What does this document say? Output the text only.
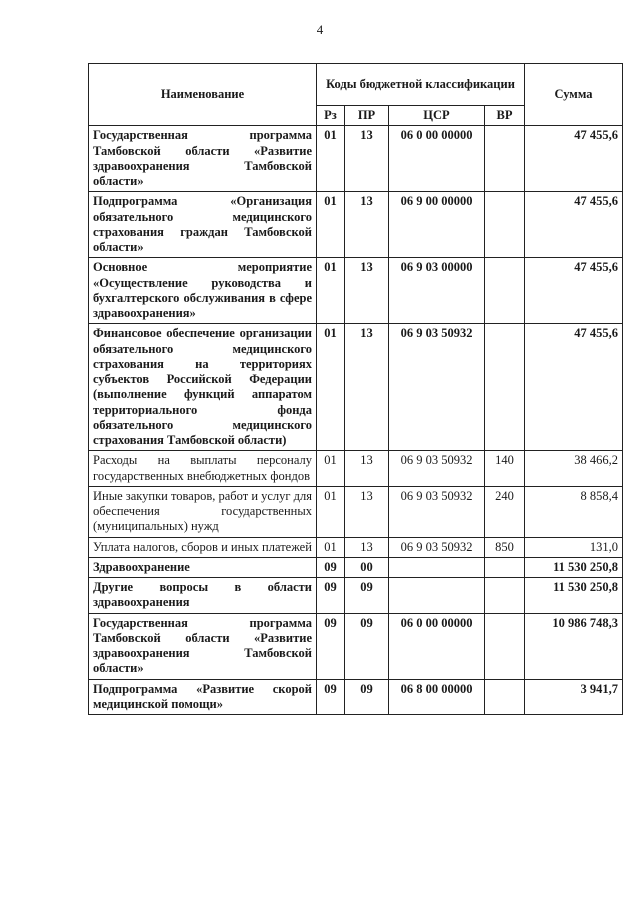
4
Наименование	Коды бюджетной классификации				Сумма
	Рз	ПР	ЦСР	ВР	
Государственная программа Тамбовской области «Развитие здравоохранения Тамбовской области»	01	13	06 0 00 00000		47 455,6
Подпрограмма «Организация обязательного медицинского страхования граждан Тамбовской области»	01	13	06 9 00 00000		47 455,6
Основное мероприятие «Осуществление руководства и бухгалтерского обслуживания в сфере здравоохранения»	01	13	06 9 03 00000		47 455,6
Финансовое обеспечение организации обязательного медицинского страхования на территориях субъектов Российской Федерации (выполнение функций аппаратом территориального фонда обязательного медицинского страхования Тамбовской области)	01	13	06 9 03 50932		47 455,6
Расходы на выплаты персоналу государственных внебюджетных фондов	01	13	06 9 03 50932	140	38 466,2
Иные закупки товаров, работ и услуг для обеспечения государственных (муниципальных) нужд	01	13	06 9 03 50932	240	8 858,4
Уплата налогов, сборов и иных платежей	01	13	06 9 03 50932	850	131,0
Здравоохранение	09	00			11 530 250,8
Другие вопросы в области здравоохранения	09	09			11 530 250,8
Государственная программа Тамбовской области «Развитие здравоохранения Тамбовской области»	09	09	06 0 00 00000		10 986 748,3
Подпрограмма «Развитие скорой медицинской помощи»	09	09	06 8 00 00000		3 941,7
